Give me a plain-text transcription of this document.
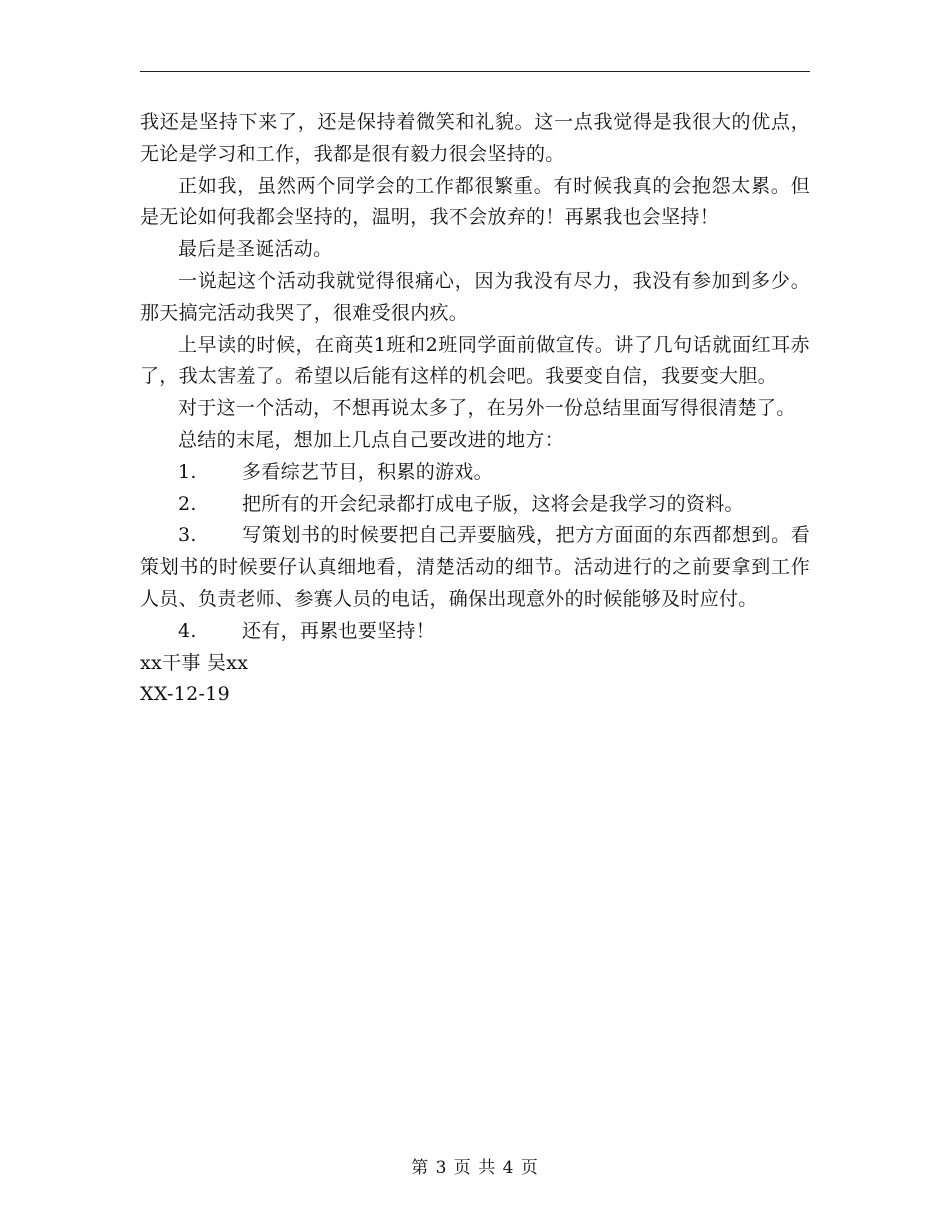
我还是坚持下来了，还是保持着微笑和礼貌。这一点我觉得是我很大的优点，无论是学习和工作，我都是很有毅力很会坚持的。

正如我，虽然两个同学会的工作都很繁重。有时候我真的会抱怨太累。但是无论如何我都会坚持的，温明，我不会放弃的！再累我也会坚持！

最后是圣诞活动。

一说起这个活动我就觉得很痛心，因为我没有尽力，我没有参加到多少。那天搞完活动我哭了，很难受很内疚。

上早读的时候，在商英1班和2班同学面前做宣传。讲了几句话就面红耳赤了，我太害羞了。希望以后能有这样的机会吧。我要变自信，我要变大胆。

对于这一个活动，不想再说太多了，在另外一份总结里面写得很清楚了。

总结的末尾，想加上几点自己要改进的地方：

1. 多看综艺节目，积累的游戏。

2. 把所有的开会纪录都打成电子版，这将会是我学习的资料。

3. 写策划书的时候要把自己弄要脑残，把方方面面的东西都想到。看策划书的时候要仔认真细地看，清楚活动的细节。活动进行的之前要拿到工作人员、负责老师、参赛人员的电话，确保出现意外的时候能够及时应付。

4. 还有，再累也要坚持！

xx干事 吴xx

XX-12-19

第 3 页 共 4 页
